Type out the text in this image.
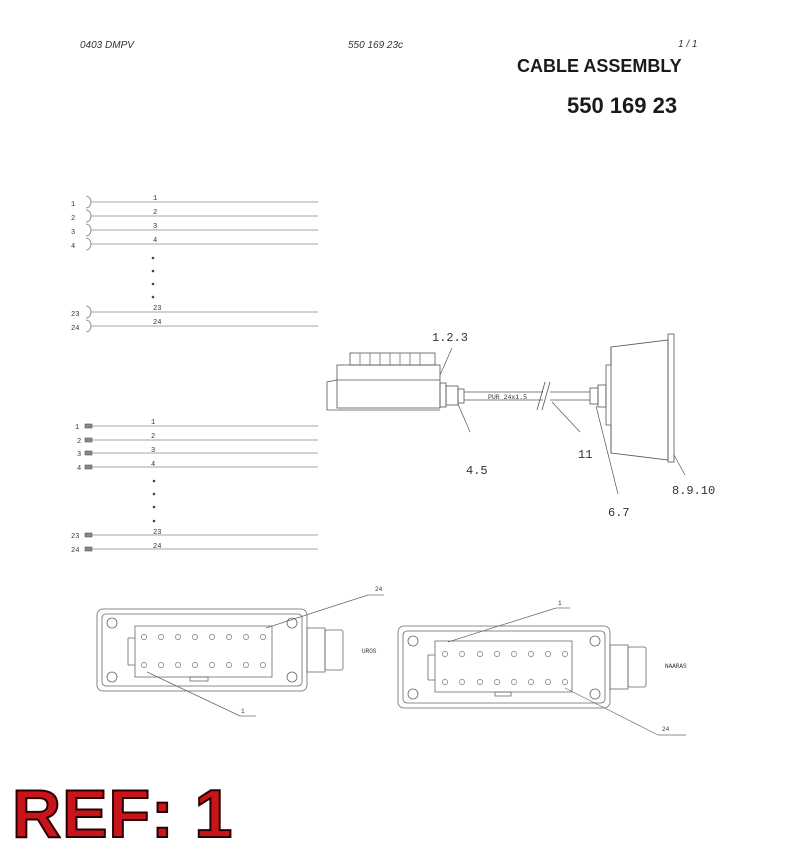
0403 DMPV	550 169 23c	1 / 1
CABLE ASSEMBLY
550 169 23
1
2
3
4
23
24
1
2
3
4
23
24
1
2
3
4
23
24
1
2
3
4
23
24
PUR 24x1.5
1.2.3
4.5
11
6.7
8.9.10
24
1
UROS
1
24
NAARAS
REF: 1
